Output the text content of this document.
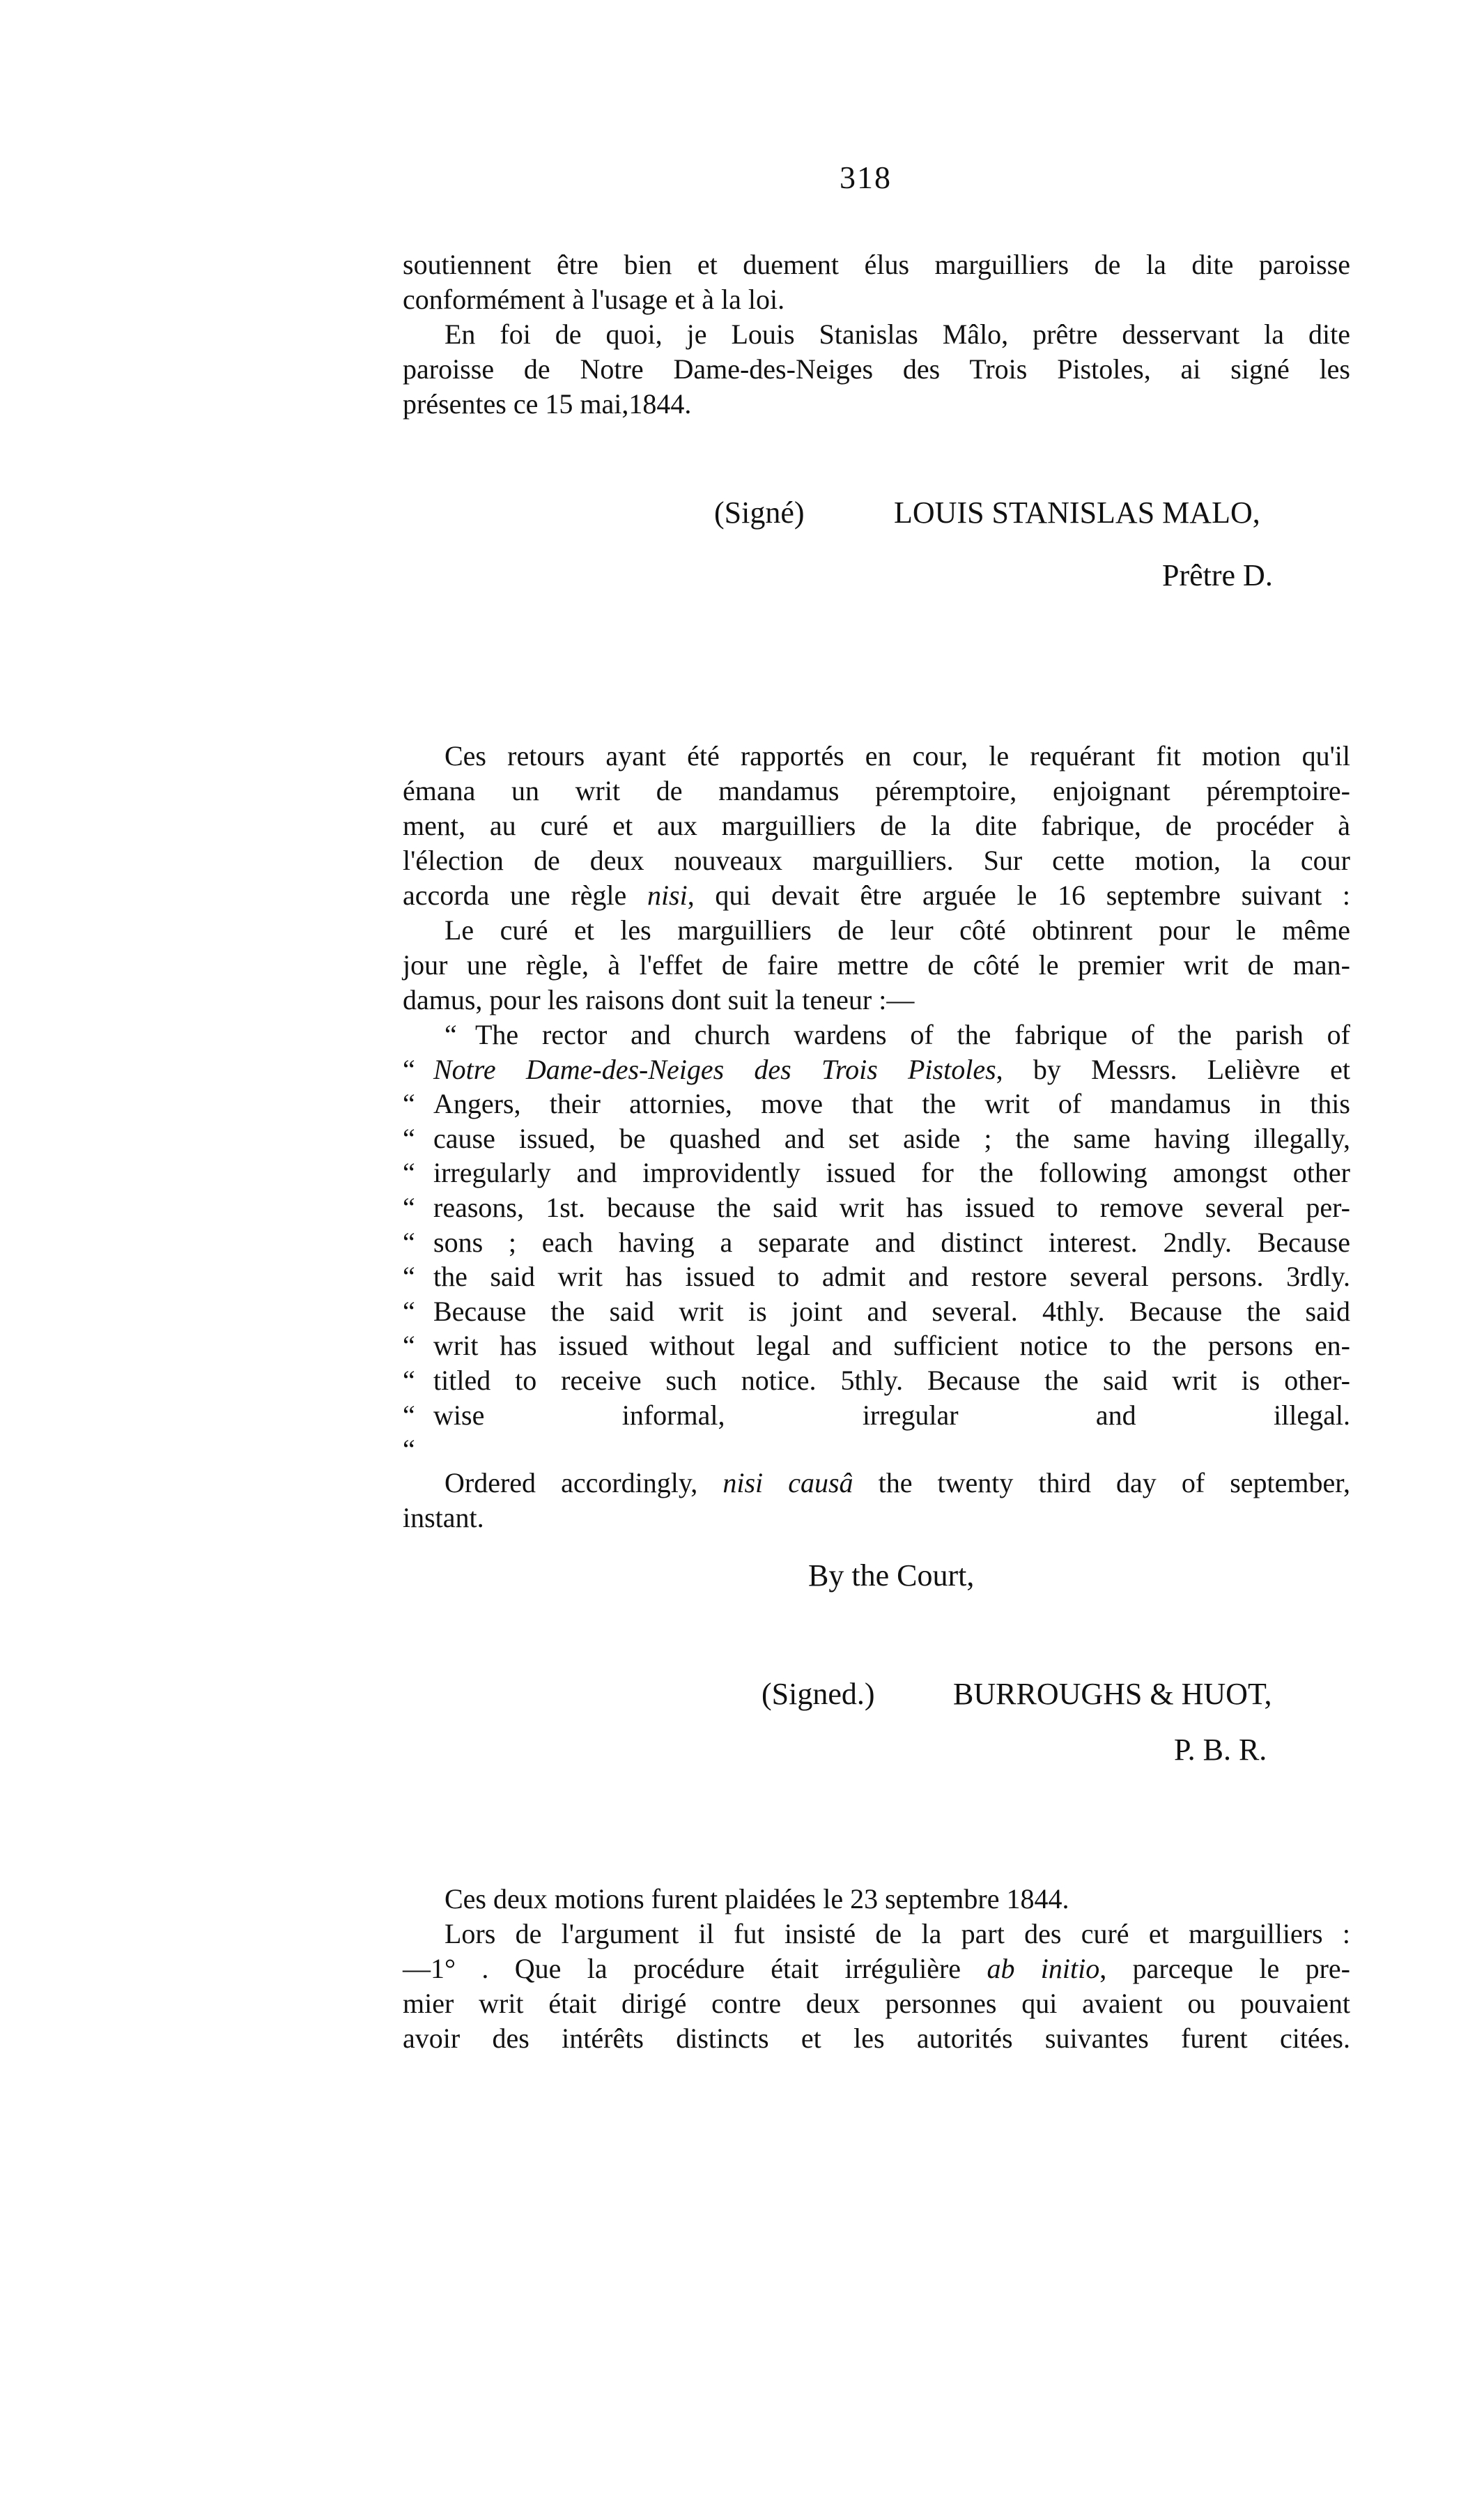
318

soutiennent être bien et duement élus marguilliers de la dite paroisse

conformément à l'usage et à la loi.

En foi de quoi, je Louis Stanislas Mâlo, prêtre desservant la dite

paroisse de Notre Dame-des-Neiges des Trois Pistoles, ai signé les

présentes ce 15 mai,1844.

(Signé)	LOUIS STANISLAS MALO,
Prêtre D.

Ces retours ayant été rapportés en cour, le requérant fit motion qu'il

émana un writ de mandamus péremptoire, enjoignant péremptoire-

ment, au curé et aux marguilliers de la dite fabrique, de procéder à

l'élection de deux nouveaux marguilliers. Sur cette motion, la cour

accorda une règle nisi, qui devait être arguée le 16 septembre suivant :

Le curé et les marguilliers de leur côté obtinrent pour le même

jour une règle, à l'effet de faire mettre de côté le premier writ de man-

damus, pour les raisons dont suit la teneur :—

“ The rector and church wardens of the fabrique of the parish of
“ Notre Dame-des-Neiges des Trois Pistoles, by Messrs. Lelièvre et
“ Angers, their attornies, move that the writ of mandamus in this
“ cause issued, be quashed and set aside ; the same having illegally,
“ irregularly and improvidently issued for the following amongst other
“ reasons, 1st. because the said writ has issued to remove several per-
“ sons ; each having a separate and distinct interest. 2ndly. Because
“ the said writ has issued to admit and restore several persons. 3rdly.
“ Because the said writ is joint and several. 4thly. Because the said
“ writ has issued without legal and sufficient notice to the persons en-
“ titled to receive such notice. 5thly. Because the said writ is other-
“ wise informal, irregular and illegal.
“

Ordered accordingly, nisi causâ the twenty third day of september,

instant.

By the Court,
(Signed.)	BURROUGHS & HUOT,
P. B. R.

Ces deux motions furent plaidées le 23 septembre 1844.

Lors de l'argument il fut insisté de la part des curé et marguilliers :

—1° . Que la procédure était irrégulière ab initio, parceque le pre-

mier writ était dirigé contre deux personnes qui avaient ou pouvaient

avoir des intérêts distincts et les autorités suivantes furent citées.
